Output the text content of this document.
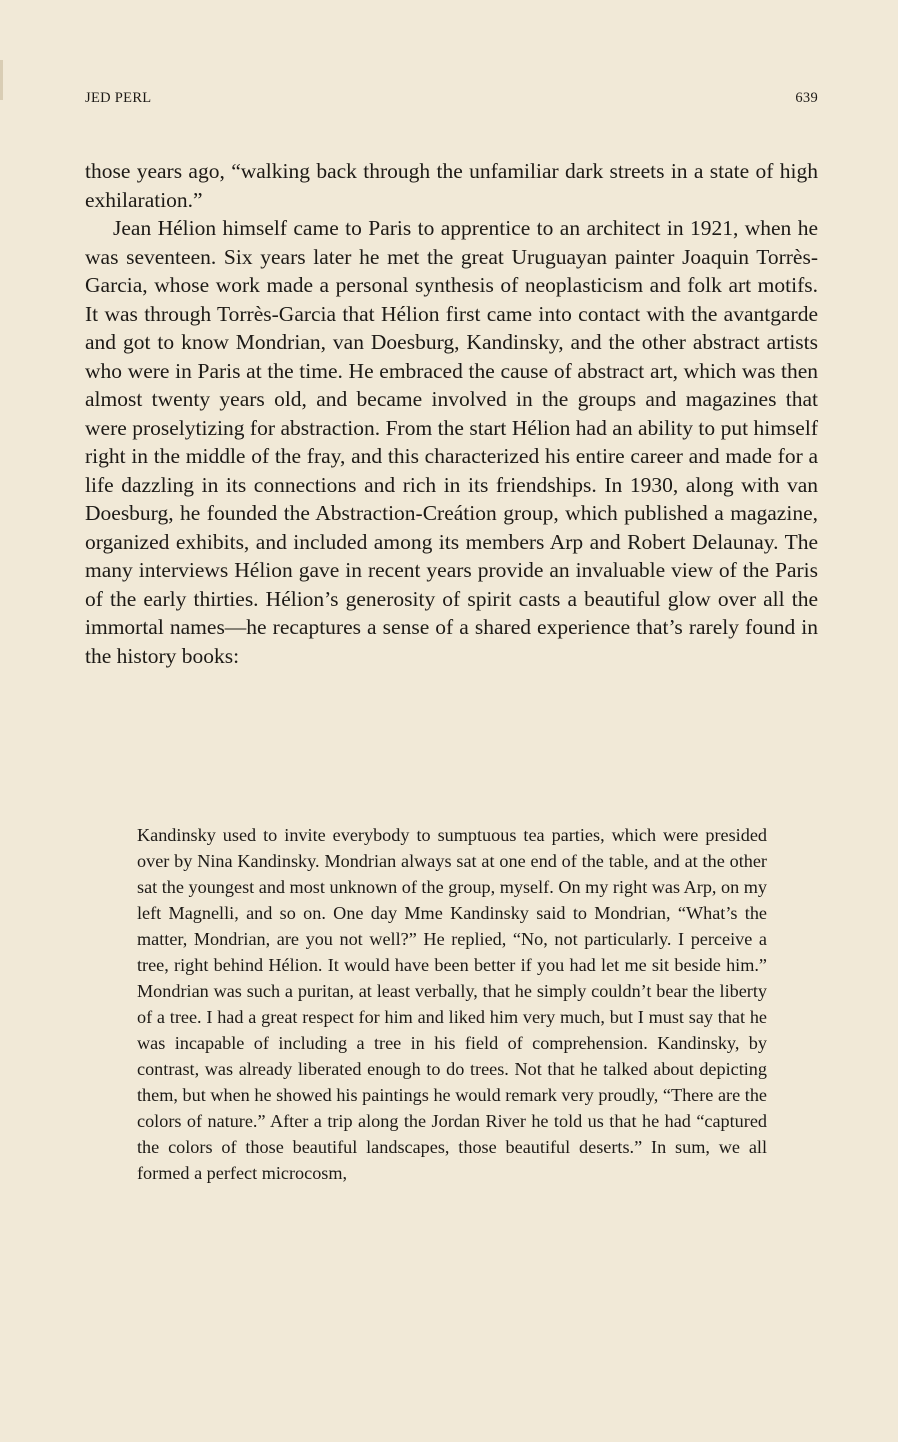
JED PERL	639

those years ago, “walking back through the unfamiliar dark streets in a state of high exhilaration.”

Jean Hélion himself came to Paris to apprentice to an architect in 1921, when he was seventeen. Six years later he met the great Uruguayan painter Joaquin Torrès-Garcia, whose work made a personal synthesis of neoplasticism and folk art motifs. It was through Torrès-Garcia that Hélion first came into contact with the avantgarde and got to know Mondrian, van Doesburg, Kandinsky, and the other abstract artists who were in Paris at the time. He embraced the cause of abstract art, which was then almost twenty years old, and became involved in the groups and magazines that were proselytizing for abstraction. From the start Hélion had an ability to put himself right in the middle of the fray, and this characterized his entire career and made for a life dazzling in its connections and rich in its friendships. In 1930, along with van Doesburg, he founded the Abstraction-Creátion group, which published a magazine, organized exhibits, and included among its members Arp and Robert Delaunay. The many interviews Hélion gave in recent years provide an invaluable view of the Paris of the early thirties. Hélion’s generosity of spirit casts a beautiful glow over all the immortal names—he recaptures a sense of a shared experience that’s rarely found in the history books:

Kandinsky used to invite everybody to sumptuous tea parties, which were presided over by Nina Kandinsky. Mondrian always sat at one end of the table, and at the other sat the youngest and most unknown of the group, myself. On my right was Arp, on my left Magnelli, and so on. One day Mme Kandinsky said to Mondrian, “What’s the matter, Mondrian, are you not well?” He replied, “No, not particularly. I perceive a tree, right behind Hélion. It would have been better if you had let me sit beside him.” Mondrian was such a puritan, at least verbally, that he simply couldn’t bear the liberty of a tree. I had a great respect for him and liked him very much, but I must say that he was incapable of including a tree in his field of comprehension. Kandinsky, by contrast, was already liberated enough to do trees. Not that he talked about depicting them, but when he showed his paintings he would remark very proudly, “There are the colors of nature.” After a trip along the Jordan River he told us that he had “captured the colors of those beautiful landscapes, those beautiful deserts.” In sum, we all formed a perfect microcosm,
